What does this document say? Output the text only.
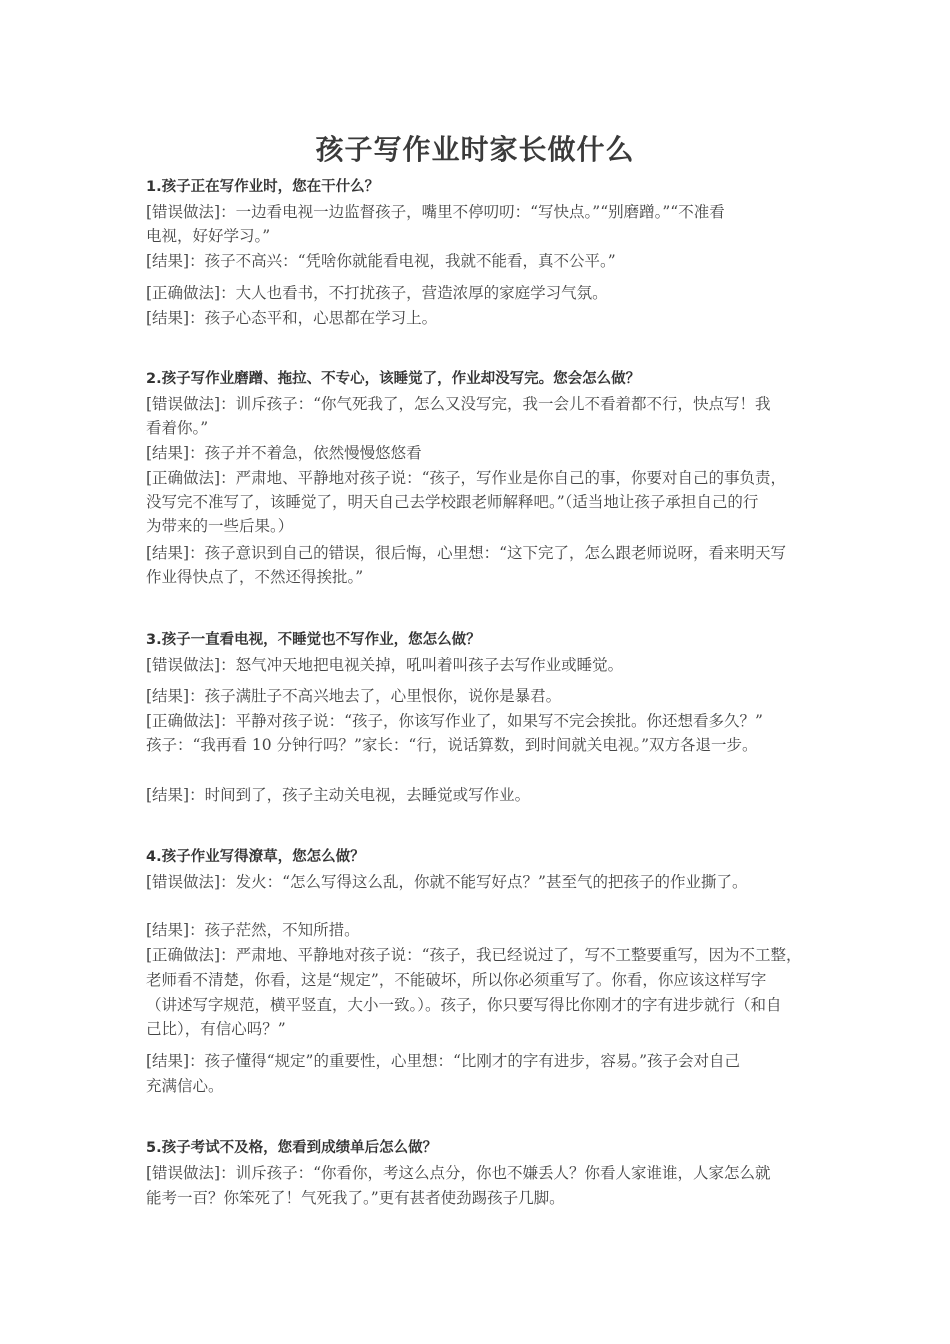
孩子写作业时家长做什么
1.孩子正在写作业时，您在干什么？
[错误做法]：一边看电视一边监督孩子，嘴里不停叨叨：“写快点。”“别磨蹭。”“不准看
电视，好好学习。”
[结果]：孩子不高兴：“凭啥你就能看电视，我就不能看，真不公平。”
[正确做法]：大人也看书，不打扰孩子，营造浓厚的家庭学习气氛。
[结果]：孩子心态平和，心思都在学习上。
2.孩子写作业磨蹭、拖拉、不专心，该睡觉了，作业却没写完。您会怎么做？
[错误做法]：训斥孩子：“你气死我了，怎么又没写完，我一会儿不看着都不行，快点写！我
看着你。”
[结果]：孩子并不着急，依然慢慢悠悠看
[正确做法]：严肃地、平静地对孩子说：“孩子，写作业是你自己的事，你要对自己的事负责，
没写完不准写了，该睡觉了，明天自己去学校跟老师解释吧。”（适当地让孩子承担自己的行
为带来的一些后果。）
[结果]：孩子意识到自己的错误，很后悔，心里想：“这下完了，怎么跟老师说呀，看来明天写
作业得快点了，不然还得挨批。”
3.孩子一直看电视，不睡觉也不写作业，您怎么做？
[错误做法]：怒气冲天地把电视关掉，吼叫着叫孩子去写作业或睡觉。
[结果]：孩子满肚子不高兴地去了，心里恨你，说你是暴君。
[正确做法]：平静对孩子说：“孩子，你该写作业了，如果写不完会挨批。你还想看多久？”
孩子：“我再看 10 分钟行吗？”家长：“行，说话算数，到时间就关电视。”双方各退一步。
[结果]：时间到了，孩子主动关电视，去睡觉或写作业。
4.孩子作业写得潦草，您怎么做？
[错误做法]：发火：“怎么写得这么乱，你就不能写好点？”甚至气的把孩子的作业撕了。
[结果]：孩子茫然，不知所措。
[正确做法]：严肃地、平静地对孩子说：“孩子，我已经说过了，写不工整要重写，因为不工整，
老师看不清楚，你看，这是“规定”，不能破坏，所以你必须重写了。你看，你应该这样写字
（讲述写字规范，横平竖直，大小一致。）。孩子，你只要写得比你刚才的字有进步就行（和自
己比），有信心吗？”
[结果]：孩子懂得“规定”的重要性，心里想：“比刚才的字有进步，容易。”孩子会对自己
充满信心。
5.孩子考试不及格，您看到成绩单后怎么做？
[错误做法]：训斥孩子：“你看你，考这么点分，你也不嫌丢人？你看人家谁谁，人家怎么就
能考一百？你笨死了！气死我了。”更有甚者使劲踢孩子几脚。
